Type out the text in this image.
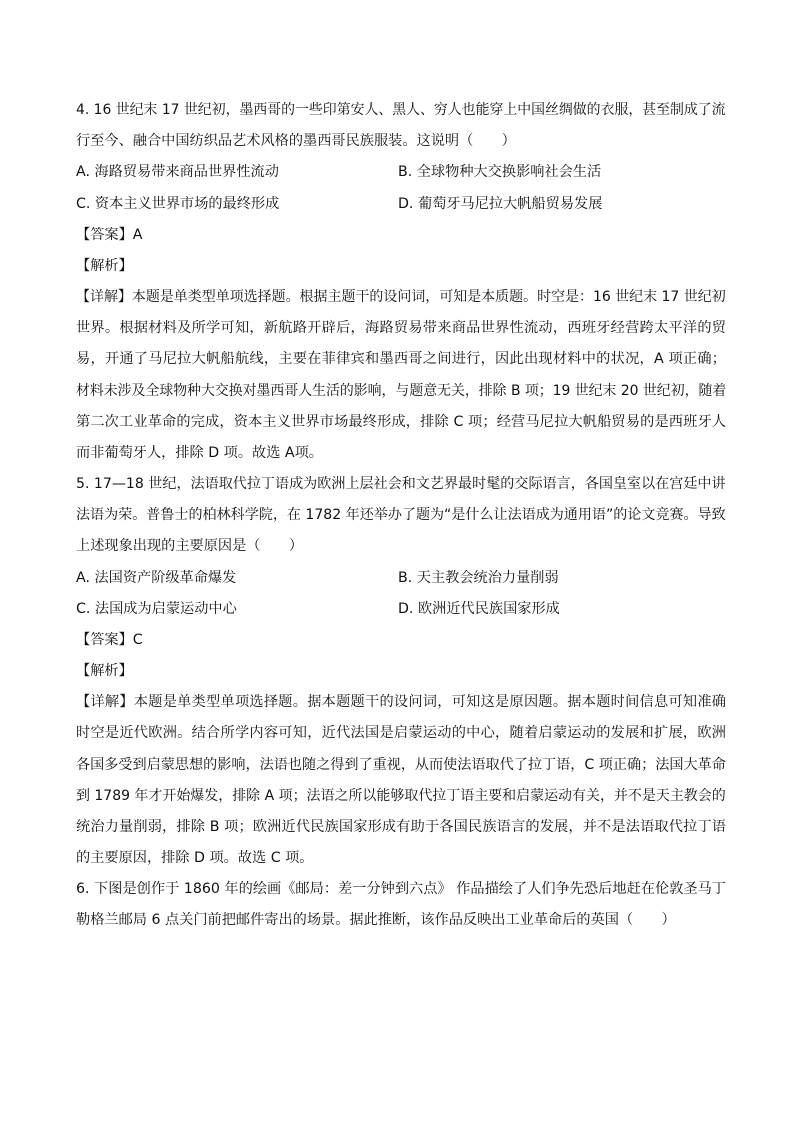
4. 16 世纪末 17 世纪初，墨西哥的一些印第安人、黑人、穷人也能穿上中国丝绸做的衣服，甚至制成了流
行至今、融合中国纺织品艺术风格的墨西哥民族服装。这说明（　　）
A. 海路贸易带来商品世界性流动	B. 全球物种大交换影响社会生活
C. 资本主义世界市场的最终形成	D. 葡萄牙马尼拉大帆船贸易发展
【答案】A
【解析】
【详解】本题是单类型单项选择题。根据主题干的设问词，可知是本质题。时空是：16 世纪末 17 世纪初
世界。根据材料及所学可知，新航路开辟后，海路贸易带来商品世界性流动，西班牙经营跨太平洋的贸
易，开通了马尼拉大帆船航线，主要在菲律宾和墨西哥之间进行，因此出现材料中的状况，A 项正确；
材料未涉及全球物种大交换对墨西哥人生活的影响，与题意无关，排除 B 项；19 世纪末 20 世纪初，随着
第二次工业革命的完成，资本主义世界市场最终形成，排除 C 项；经营马尼拉大帆船贸易的是西班牙人
而非葡萄牙人，排除 D 项。故选 A项。
5. 17—18 世纪，法语取代拉丁语成为欧洲上层社会和文艺界最时髦的交际语言，各国皇室以在宫廷中讲
法语为荣。普鲁士的柏林科学院，在 1782 年还举办了题为“是什么让法语成为通用语”的论文竞赛。导致
上述现象出现的主要原因是（　　）
A. 法国资产阶级革命爆发	B. 天主教会统治力量削弱
C. 法国成为启蒙运动中心	D. 欧洲近代民族国家形成
【答案】C
【解析】
【详解】本题是单类型单项选择题。据本题题干的设问词，可知这是原因题。据本题时间信息可知准确
时空是近代欧洲。结合所学内容可知，近代法国是启蒙运动的中心，随着启蒙运动的发展和扩展，欧洲
各国多受到启蒙思想的影响，法语也随之得到了重视，从而使法语取代了拉丁语，C 项正确；法国大革命
到 1789 年才开始爆发，排除 A 项；法语之所以能够取代拉丁语主要和启蒙运动有关，并不是天主教会的
统治力量削弱，排除 B 项；欧洲近代民族国家形成有助于各国民族语言的发展，并不是法语取代拉丁语
的主要原因，排除 D 项。故选 C 项。
6. 下图是创作于 1860 年的绘画《邮局：差一分钟到六点》 作品描绘了人们争先恐后地赶在伦敦圣马丁
勒格兰邮局 6 点关门前把邮件寄出的场景。据此推断，该作品反映出工业革命后的英国（　　）
